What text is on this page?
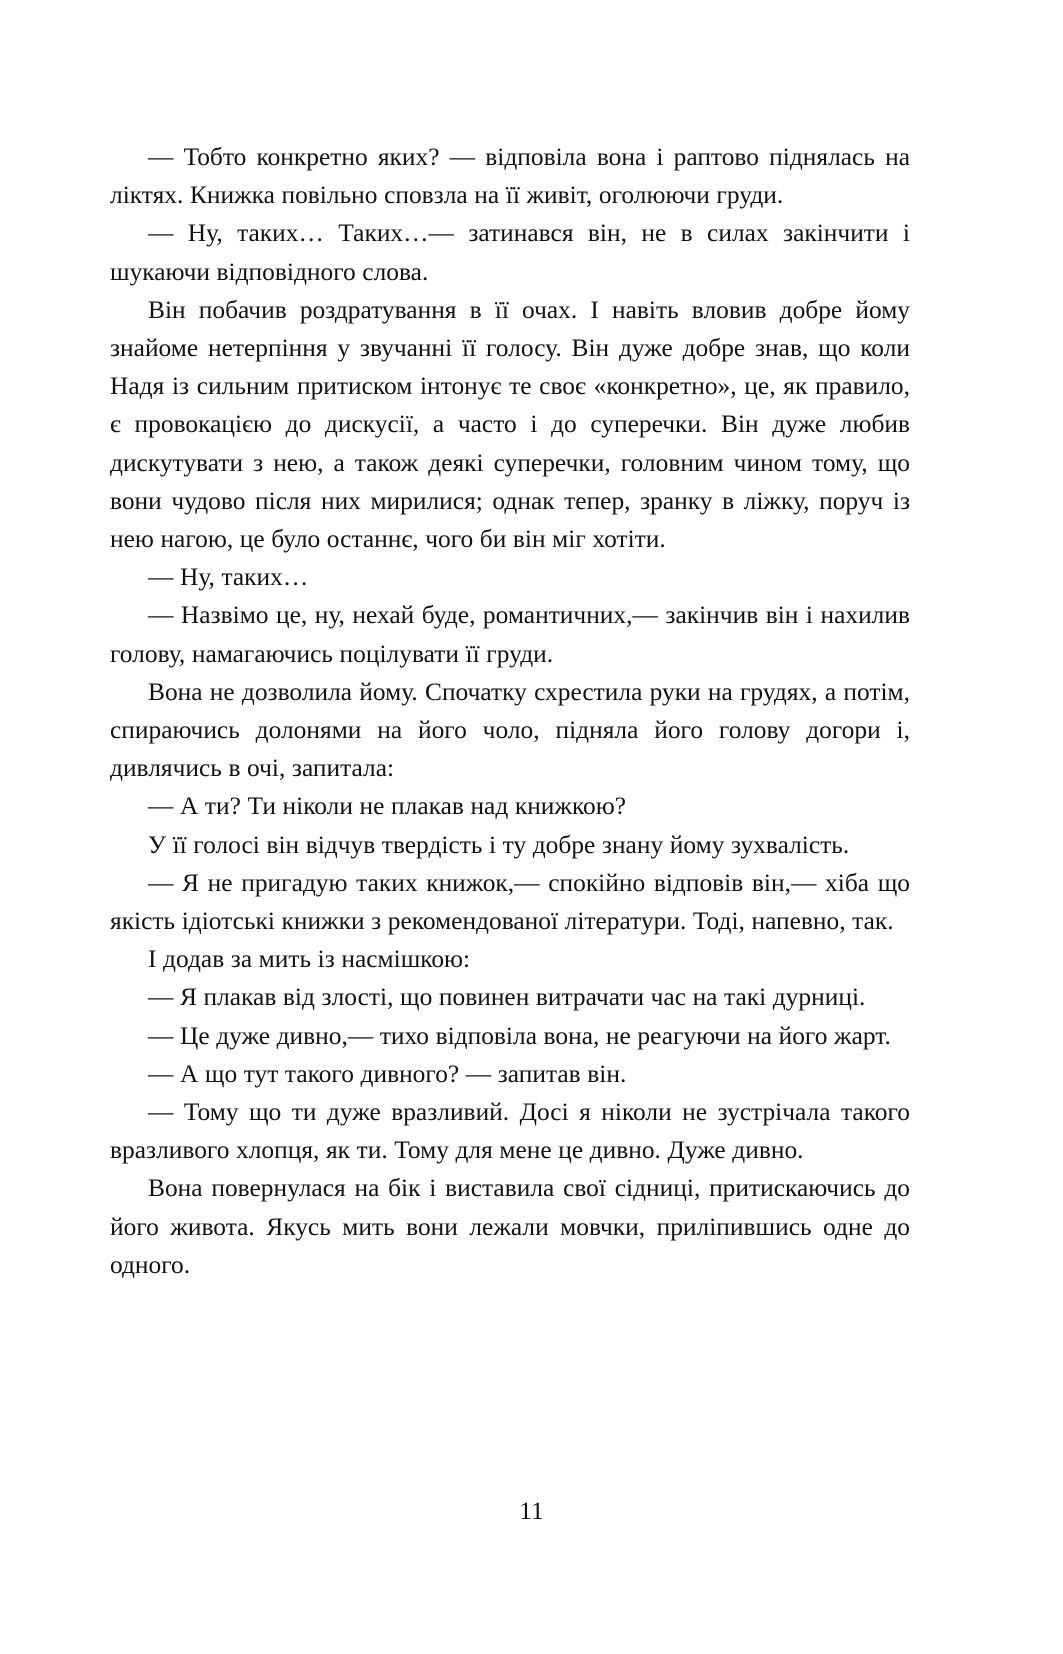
— Тобто конкретно яких? — відповіла вона і раптово піднялась на ліктях. Книжка повільно сповзла на її живіт, оголюючи груди.

— Ну, таких… Таких…— затинався він, не в силах закінчити і шукаючи відповідного слова.

Він побачив роздратування в її очах. І навіть вловив добре йому знайоме нетерпіння у звучанні її голосу. Він дуже добре знав, що коли Надя із сильним притиском інтонує те своє «конкретно», це, як правило, є провокацією до дискусії, а часто і до суперечки. Він дуже любив дискутувати з нею, а також деякі суперечки, головним чином тому, що вони чудово після них мирилися; однак тепер, зранку в ліжку, поруч із нею нагою, це було останнє, чого би він міг хотіти.

— Ну, таких…

— Назвімо це, ну, нехай буде, романтичних,— закінчив він і нахилив голову, намагаючись поцілувати її груди.

Вона не дозволила йому. Спочатку схрестила руки на грудях, а потім, спираючись долонями на його чоло, підняла його голову догори і, дивлячись в очі, запитала:

— А ти? Ти ніколи не плакав над книжкою?

У її голосі він відчув твердість і ту добре знану йому зухвалість.

— Я не пригадую таких книжок,— спокійно відповів він,— хіба що якість ідіотські книжки з рекомендованої літератури. Тоді, напевно, так.

І додав за мить із насмішкою:

— Я плакав від злості, що повинен витрачати час на такі дурниці.

— Це дуже дивно,— тихо відповіла вона, не реагуючи на його жарт.

— А що тут такого дивного? — запитав він.

— Тому що ти дуже вразливий. Досі я ніколи не зустрічала такого вразливого хлопця, як ти. Тому для мене це дивно. Дуже дивно.

Вона повернулася на бік і виставила свої сідниці, притискаючись до його живота. Якусь мить вони лежали мовчки, приліпившись одне до одного.

11
